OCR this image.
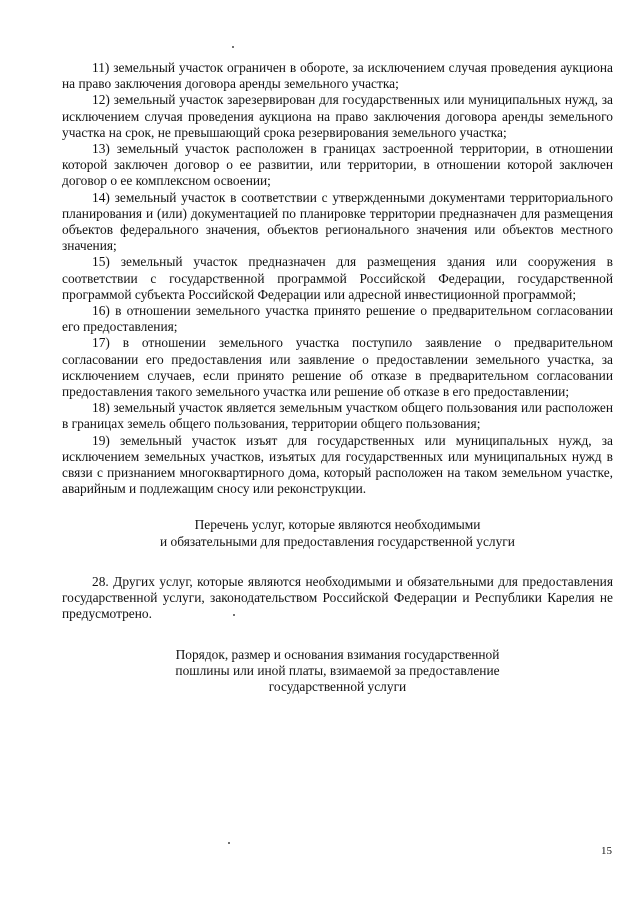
11) земельный участок ограничен в обороте, за исключением случая проведения аукциона на право заключения договора аренды земельного участка;

12) земельный участок зарезервирован для государственных или муниципальных нужд, за исключением случая проведения аукциона на право заключения договора аренды земельного участка на срок, не превышающий срока резервирования земельного участка;

13) земельный участок расположен в границах застроенной территории, в отношении которой заключен договор о ее развитии, или территории, в отношении которой заключен договор о ее комплексном освоении;

14) земельный участок в соответствии с утвержденными документами территориального планирования и (или) документацией по планировке территории предназначен для размещения объектов федерального значения, объектов регионального значения или объектов местного значения;

15) земельный участок предназначен для размещения здания или сооружения в соответствии с государственной программой Российской Федерации, государственной программой субъекта Российской Федерации или адресной инвестиционной программой;

16) в отношении земельного участка принято решение о предварительном согласовании его предоставления;

17) в отношении земельного участка поступило заявление о предварительном согласовании его предоставления или заявление о предоставлении земельного участка, за исключением случаев, если принято решение об отказе в предварительном согласовании предоставления такого земельного участка или решение об отказе в его предоставлении;

18) земельный участок является земельным участком общего пользования или расположен в границах земель общего пользования, территории общего пользования;

19) земельный участок изъят для государственных или муниципальных нужд, за исключением земельных участков, изъятых для государственных или муниципальных нужд в связи с признанием многоквартирного дома, который расположен на таком земельном участке, аварийным и подлежащим сносу или реконструкции.

Перечень услуг, которые являются необходимыми
и обязательными для предоставления государственной услуги

28. Других услуг, которые являются необходимыми и обязательными для предоставления государственной услуги, законодательством Российской Федерации и Республики Карелия не предусмотрено.

Порядок, размер и основания взимания государственной
пошлины или иной платы, взимаемой за предоставление
государственной услуги
15
